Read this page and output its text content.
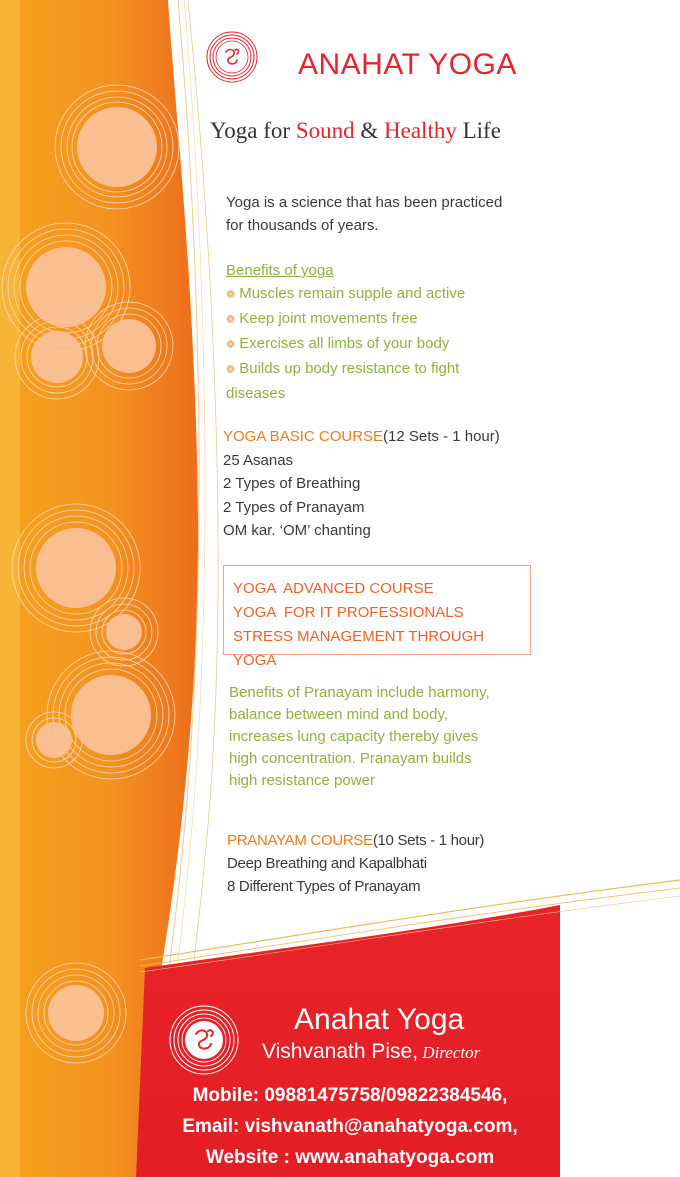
ANAHAT YOGA
Yoga for Sound & Healthy Life
Yoga is a science that has been practiced
for thousands of years.
Benefits of yoga
❁ Muscles remain supple and active
❁ Keep joint movements free
❁ Exercises all limbs of your body
❁ Builds up body resistance to fight
diseases
YOGA BASIC COURSE(12 Sets - 1 hour)
25 Asanas
2 Types of Breathing
2 Types of Pranayam
OM kar. ‘OM’ chanting
YOGA  ADVANCED COURSE
YOGA  FOR IT PROFESSIONALS
STRESS MANAGEMENT THROUGH YOGA
Benefits of Pranayam include harmony,
balance between mind and body,
increases lung capacity thereby gives
high concentration. Pranayam builds
high resistance power
PRANAYAM COURSE(10 Sets - 1 hour)
Deep Breathing and Kapalbhati
8 Different Types of Pranayam
Anahat Yoga
Vishvanath Pise, Director
Mobile: 09881475758/09822384546,
Email: vishvanath@anahatyoga.com,
Website : www.anahatyoga.com
